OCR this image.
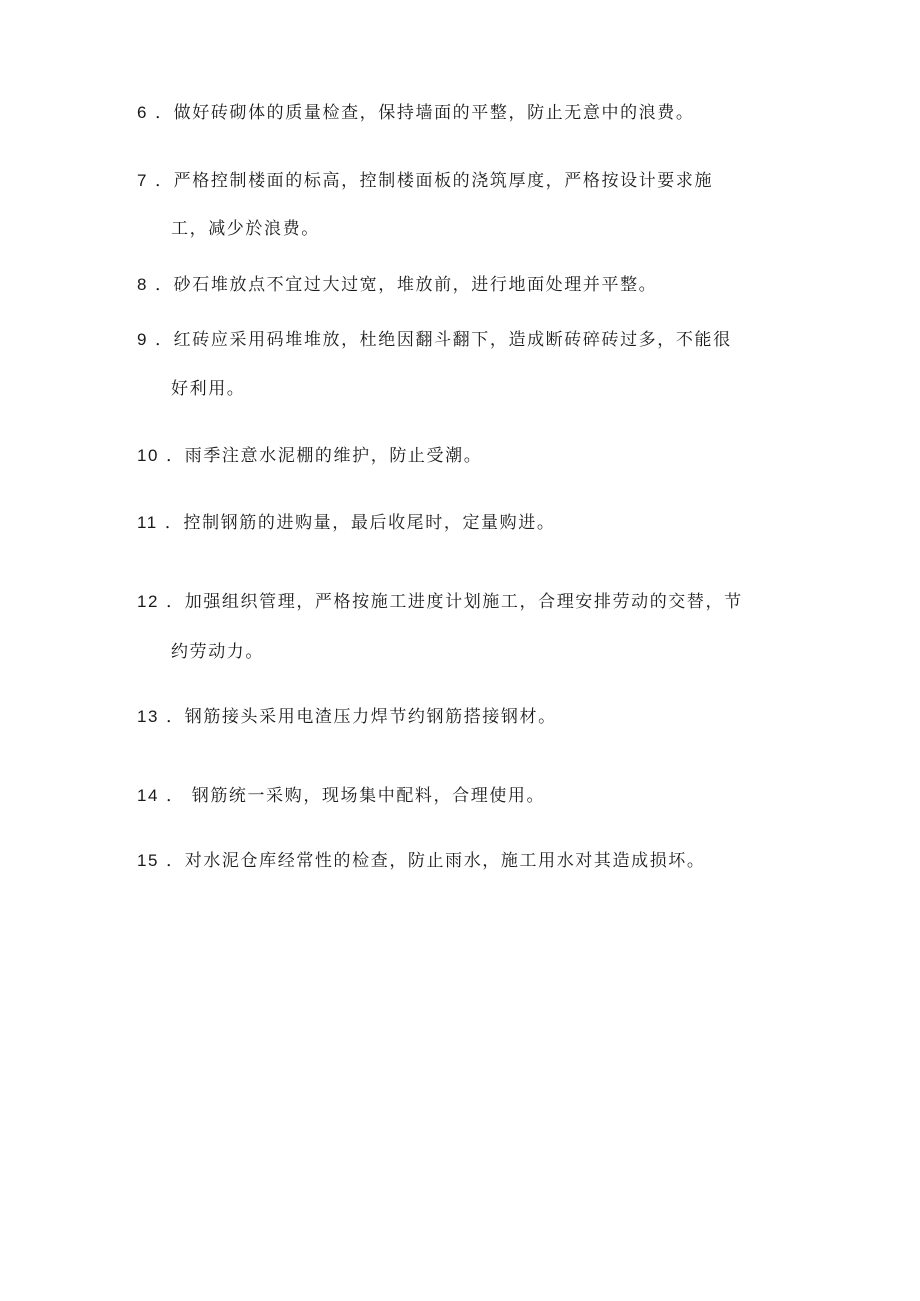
6 ．做好砖砌体的质量检查，保持墙面的平整，防止无意中的浪费。
7 ．严格控制楼面的标高，控制楼面板的浇筑厚度，严格按设计要求施
工，减少於浪费。
8 ．砂石堆放点不宜过大过宽，堆放前，进行地面处理并平整。
9 ．红砖应采用码堆堆放，杜绝因翻斗翻下，造成断砖碎砖过多，不能很
好利用。
10 ．雨季注意水泥棚的维护，防止受潮。
11 ．控制钢筋的进购量，最后收尾时，定量购进。
12 ．加强组织管理，严格按施工进度计划施工，合理安排劳动的交替，节
约劳动力。
13 ．钢筋接头采用电渣压力焊节约钢筋搭接钢材。
14 ． 钢筋统一采购，现场集中配料，合理使用。
15 ．对水泥仓库经常性的检查，防止雨水，施工用水对其造成损坏。
